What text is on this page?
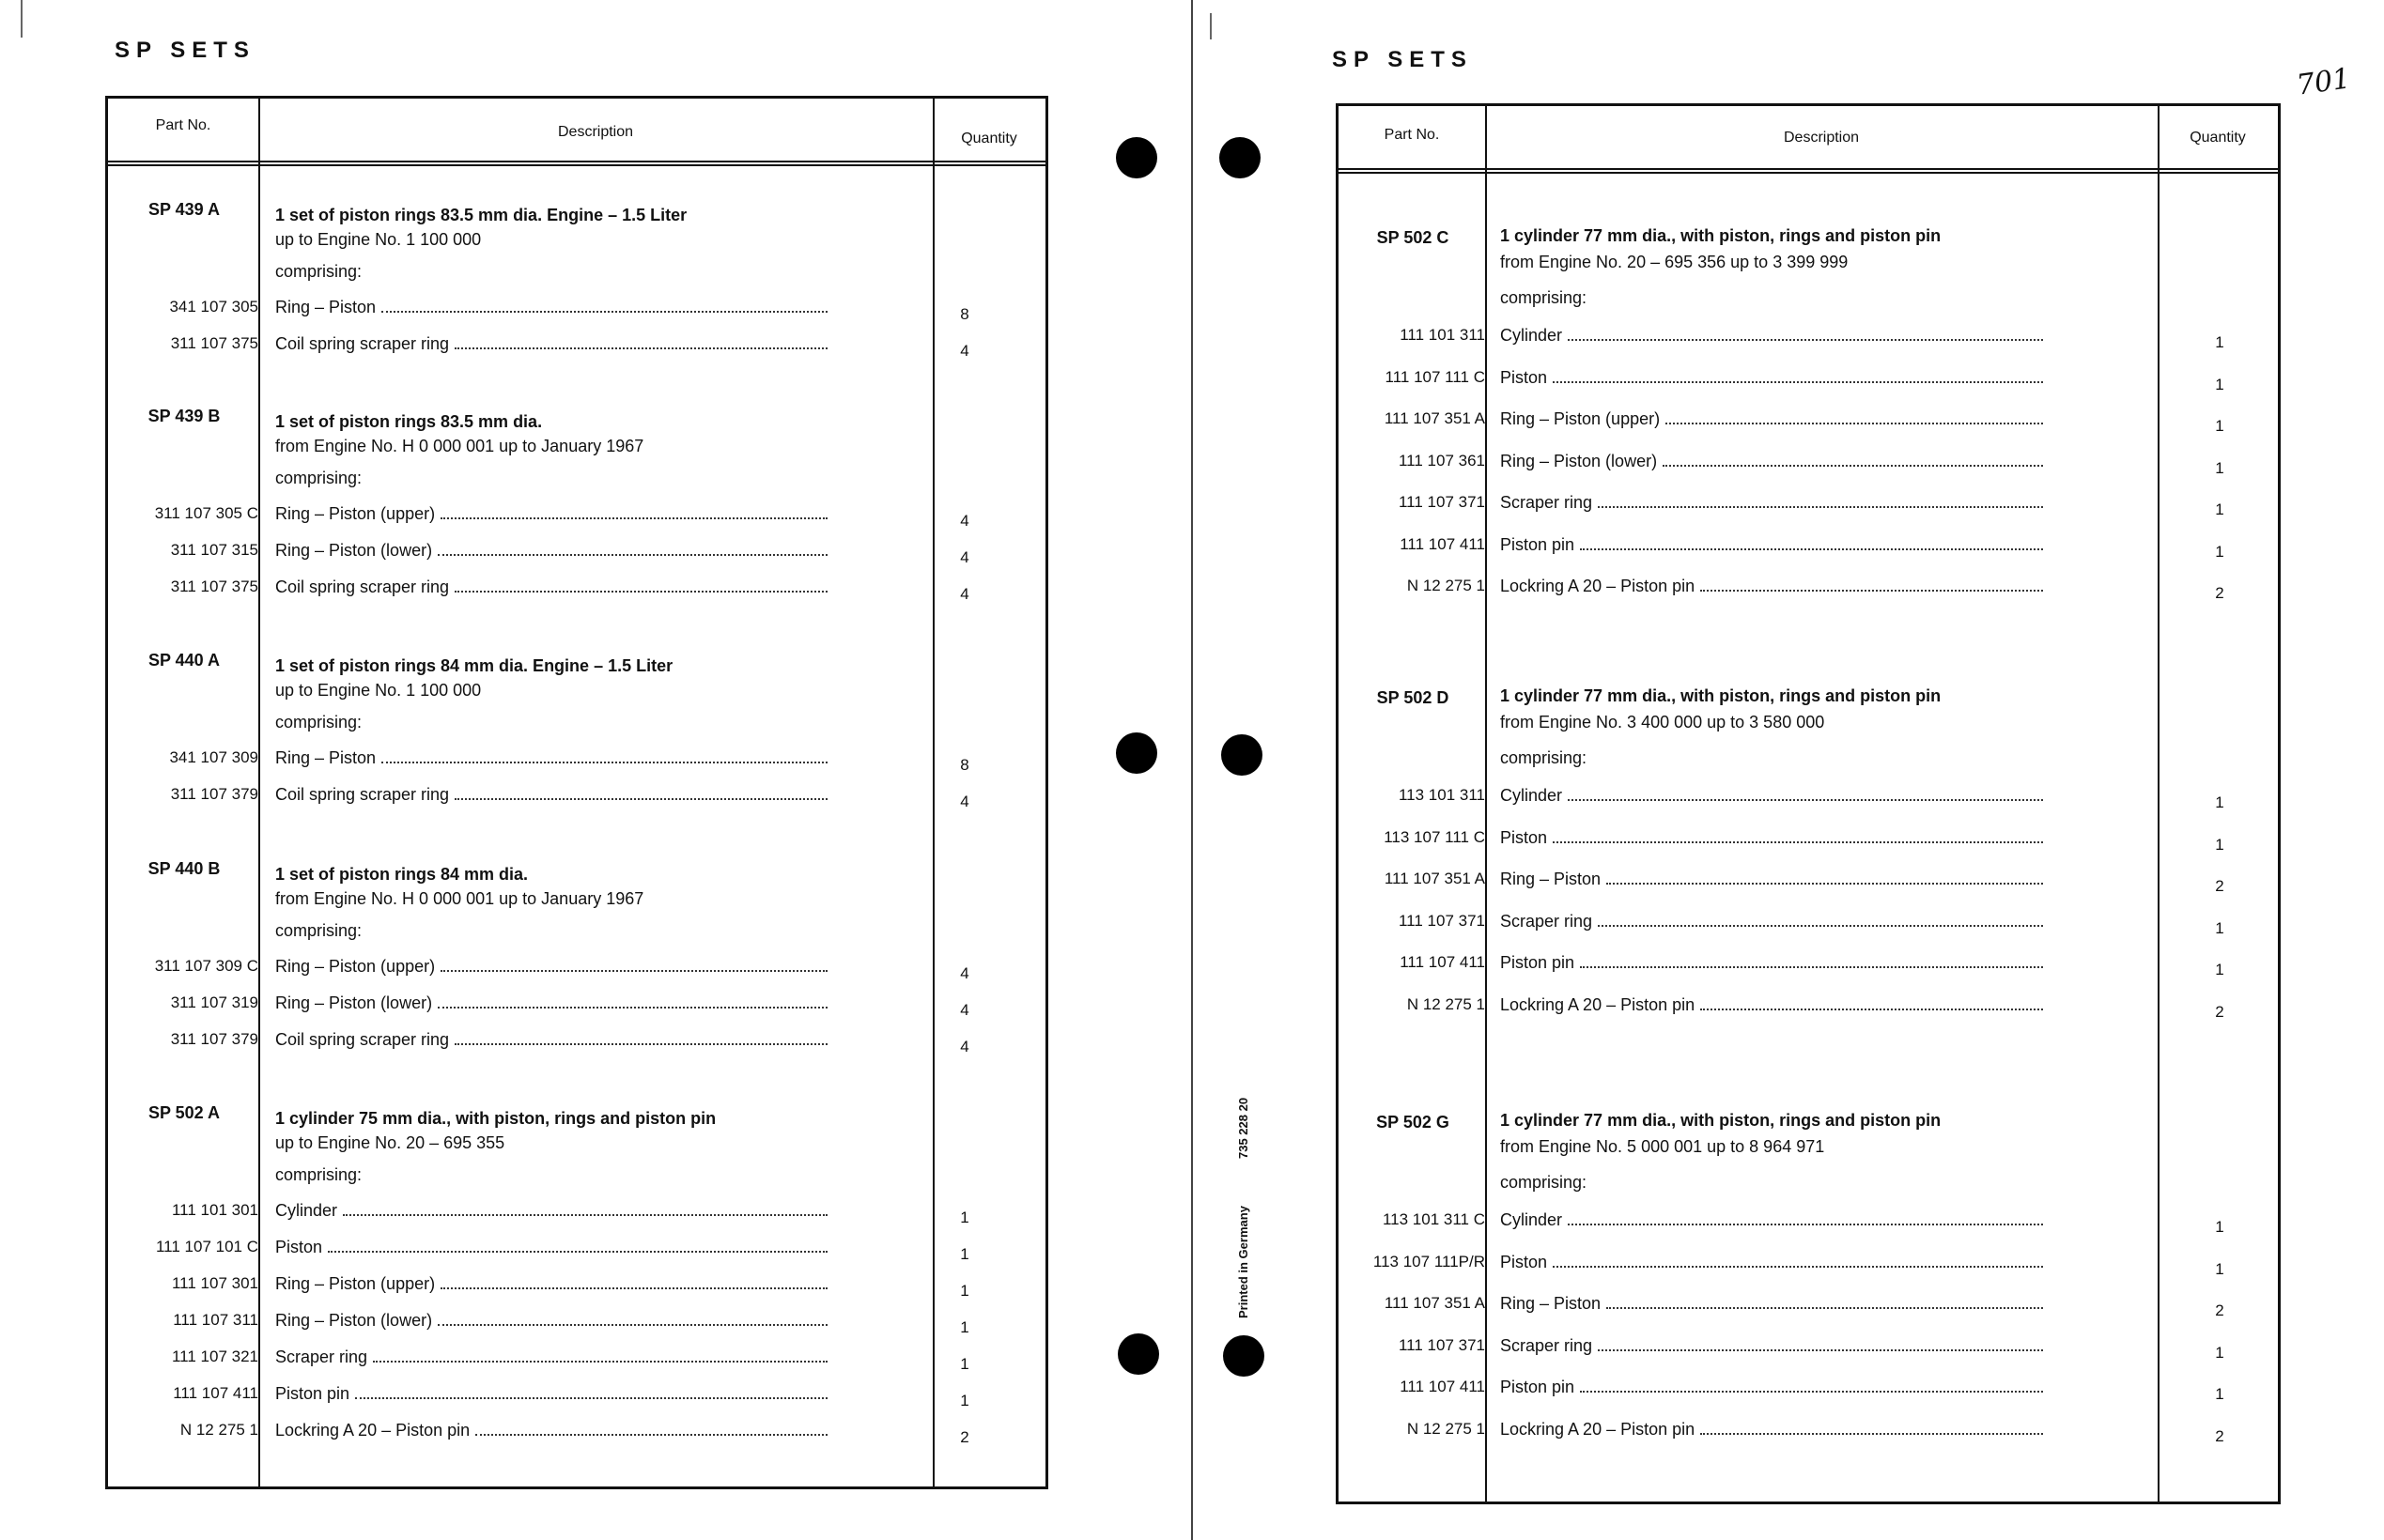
SP SETS
Part No.	Description	Quantity
SP 439 A	1 set of piston rings 83.5 mm dia. Engine – 1.5 Liter
up to Engine No. 1 100 000
comprising:
341 107 305 Ring – Piston	8
311 107 375 Coil spring scraper ring	4
SP 439 B	1 set of piston rings 83.5 mm dia.
from Engine No. H 0 000 001 up to January 1967
comprising:
311 107 305 C Ring – Piston (upper)	4
311 107 315 Ring – Piston (lower)	4
311 107 375 Coil spring scraper ring	4
SP 440 A	1 set of piston rings 84 mm dia. Engine – 1.5 Liter
up to Engine No. 1 100 000
comprising:
341 107 309 Ring – Piston	8
311 107 379 Coil spring scraper ring	4
SP 440 B	1 set of piston rings 84 mm dia.
from Engine No. H 0 000 001 up to January 1967
comprising:
311 107 309 C Ring – Piston (upper)	4
311 107 319 Ring – Piston (lower)	4
311 107 379 Coil spring scraper ring	4
SP 502 A	1 cylinder 75 mm dia., with piston, rings and piston pin
up to Engine No. 20 – 695 355
comprising:
111 101 301 Cylinder	1
111 107 101 C Piston	1
111 107 301 Ring – Piston (upper)	1
111 107 311 Ring – Piston (lower)	1
111 107 321 Scraper ring	1
111 107 411 Piston pin	1
N 12 275 1 Lockring A 20 – Piston pin	2
Printed in Germany
735 228 20
SP SETS
701
Part No.	Description	Quantity
SP 502 C	1 cylinder 77 mm dia., with piston, rings and piston pin
from Engine No. 20 – 695 356 up to 3 399 999
comprising:
111 101 311 Cylinder	1
111 107 111 C Piston	1
111 107 351 A Ring – Piston (upper)	1
111 107 361 Ring – Piston (lower)	1
111 107 371 Scraper ring	1
111 107 411 Piston pin	1
N 12 275 1 Lockring A 20 – Piston pin	2
SP 502 D	1 cylinder 77 mm dia., with piston, rings and piston pin
from Engine No. 3 400 000 up to 3 580 000
comprising:
113 101 311 Cylinder	1
113 107 111 C Piston	1
111 107 351 A Ring – Piston	2
111 107 371 Scraper ring	1
111 107 411 Piston pin	1
N 12 275 1 Lockring A 20 – Piston pin	2
SP 502 G	1 cylinder 77 mm dia., with piston, rings and piston pin
from Engine No. 5 000 001 up to 8 964 971
comprising:
113 101 311 C Cylinder	1
113 107 111P/R Piston	1
111 107 351 A Ring – Piston	2
111 107 371 Scraper ring	1
111 107 411 Piston pin	1
N 12 275 1 Lockring A 20 – Piston pin	2
